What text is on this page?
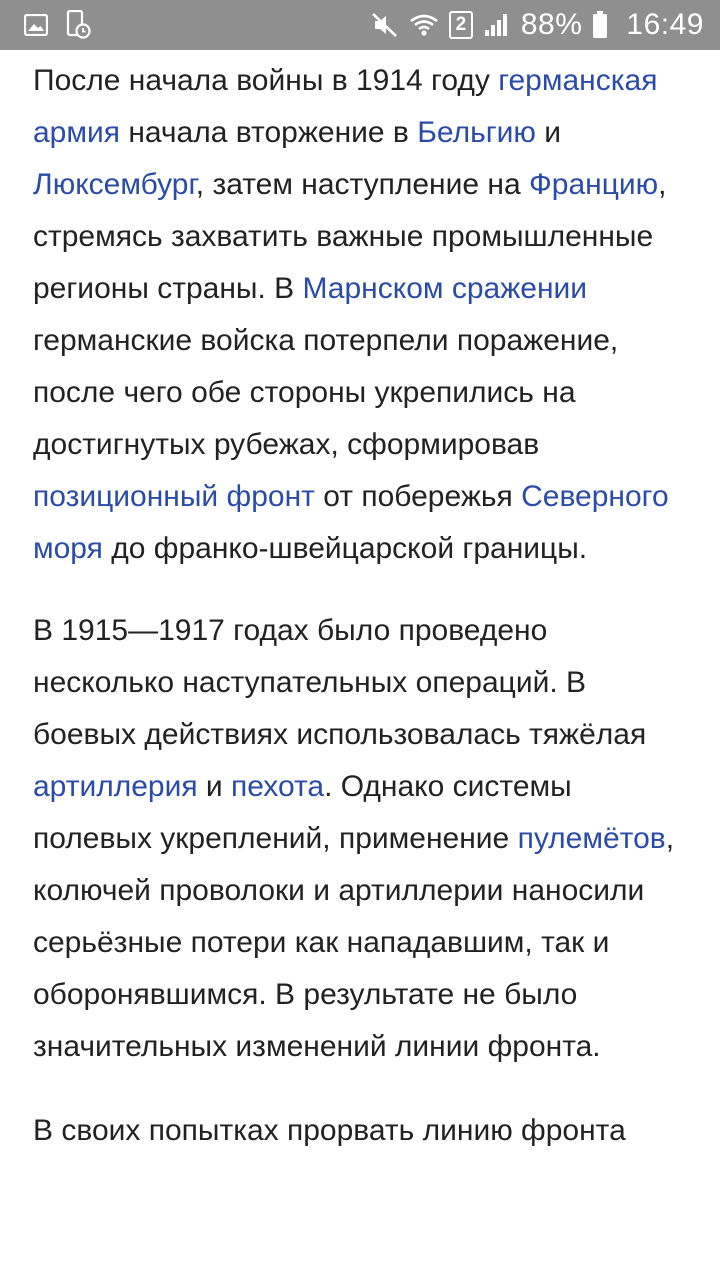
2 88% 16:49

После начала войны в 1914 году германская армия начала вторжение в Бельгию и Люксембург, затем наступление на Францию, стремясь захватить важные промышленные регионы страны. В Марнском сражении германские войска потерпели поражение, после чего обе стороны укрепились на достигнутых рубежах, сформировав позиционный фронт от побережья Северного моря до франко-швейцарской границы.

В 1915—1917 годах было проведено несколько наступательных операций. В боевых действиях использовалась тяжёлая артиллерия и пехота. Однако системы полевых укреплений, применение пулемётов, колючей проволоки и артиллерии наносили серьёзные потери как нападавшим, так и оборонявшимся. В результате не было значительных изменений линии фронта.

В своих попытках прорвать линию фронта
